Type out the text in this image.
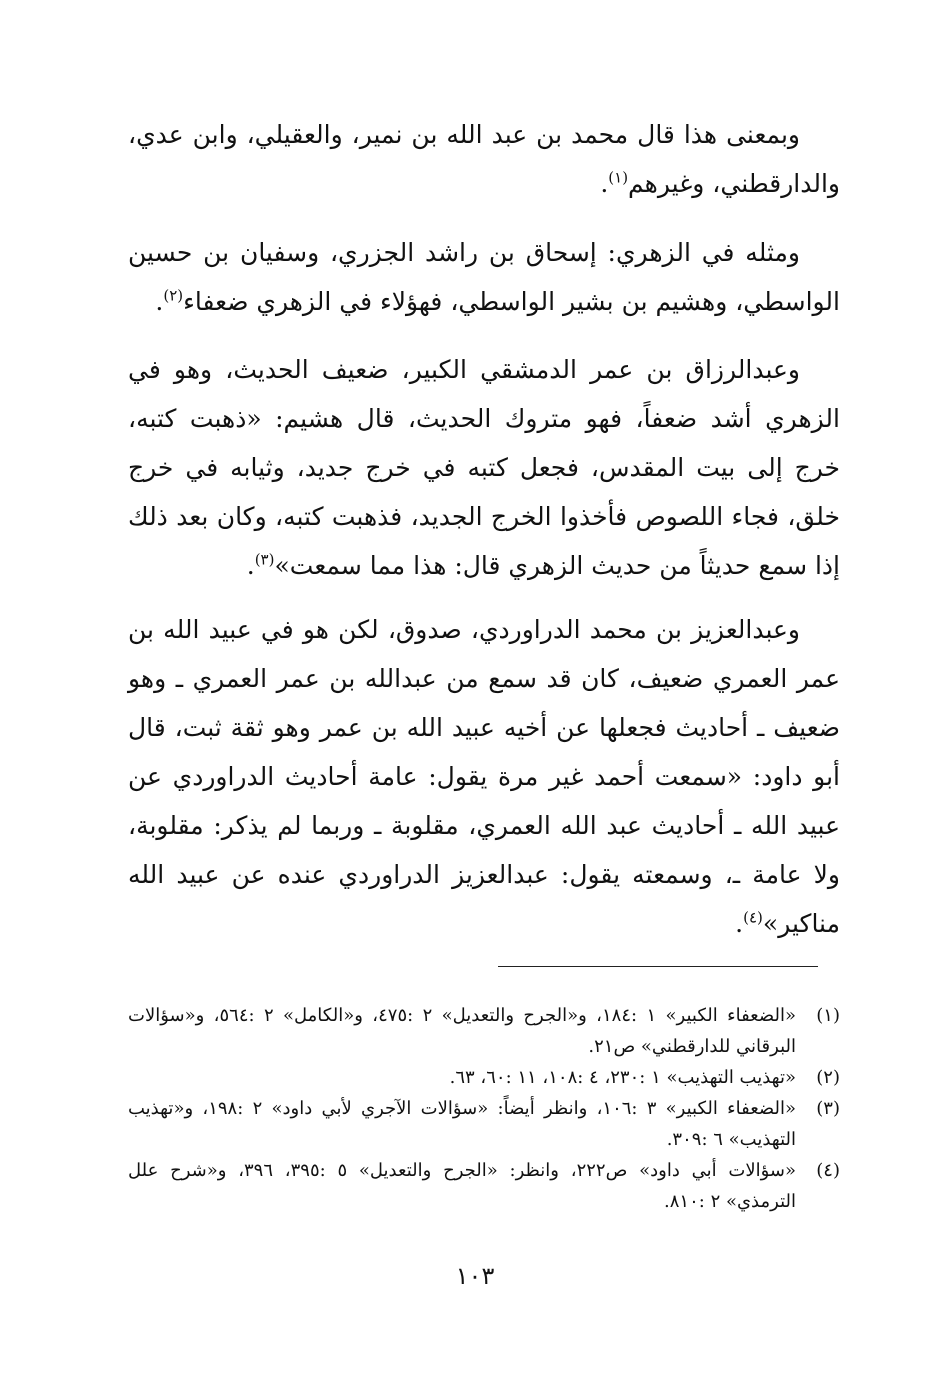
وبمعنى هذا قال محمد بن عبد الله بن نمير، والعقيلي، وابن عدي، والدارقطني، وغيرهم$^{(١)}$.

ومثله في الزهري: إسحاق بن راشد الجزري، وسفيان بن حسين الواسطي، وهشيم بن بشير الواسطي، فهؤلاء في الزهري ضعفاء$^{(٢)}$.

وعبدالرزاق بن عمر الدمشقي الكبير، ضعيف الحديث، وهو في الزهري أشد ضعفاً، فهو متروك الحديث، قال هشيم: «ذهبت كتبه، خرج إلى بيت المقدس، فجعل كتبه في خرج جديد، وثيابه في خرج خلق، فجاء اللصوص فأخذوا الخرج الجديد، فذهبت كتبه، وكان بعد ذلك إذا سمع حديثاً من حديث الزهري قال: هذا مما سمعت»$^{(٣)}$.

وعبدالعزيز بن محمد الدراوردي، صدوق، لكن هو في عبيد الله بن عمر العمري ضعيف، كان قد سمع من عبدالله بن عمر العمري ـ وهو ضعيف ـ أحاديث فجعلها عن أخيه عبيد الله بن عمر وهو ثقة ثبت، قال أبو داود: «سمعت أحمد غير مرة يقول: عامة أحاديث الدراوردي عن عبيد الله ـ أحاديث عبد الله العمري، مقلوبة ـ وربما لم يذكر: مقلوبة، ولا عامة ـ، وسمعته يقول: عبدالعزيز الدراوردي عنده عن عبيد الله مناكير»$^{(٤)}$.

(١)
«الضعفاء الكبير» ١ :١٨٤، و«الجرح والتعديل» ٢ :٤٧٥، و«الكامل» ٢ :٥٦٤، و«سؤالات البرقاني للدارقطني» ص٢١.
(٢)
«تهذيب التهذيب» ١ :٢٣٠، ٤ :١٠٨، ١١ :٦٠، ٦٣.
(٣)
«الضعفاء الكبير» ٣ :١٠٦، وانظر أيضاً: «سؤالات الآجري لأبي داود» ٢ :١٩٨، و«تهذيب التهذيب» ٦ :٣٠٩.
(٤)
«سؤالات أبي داود» ص٢٢٢، وانظر: «الجرح والتعديل» ٥ :٣٩٥، ٣٩٦، و«شرح علل الترمذي» ٢ :٨١٠.
١٠٣
